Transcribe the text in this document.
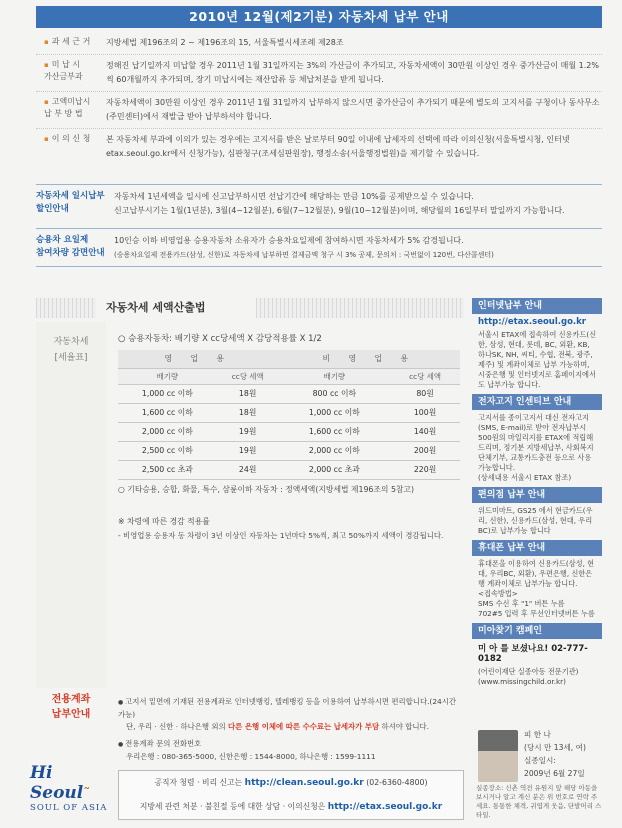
2010년 12월(제2기분) 자동차세 납부 안내
▪ 과 세 근 거	지방세법 제196조의 2 ~ 제196조의 15, 서울특별시세조례 제28조
▪ 미 납 시
가산금부과
정해진 납기일까지 미납할 경우 2011년 1월 31일까지는 3%의 가산금이 추가되고, 자동차세액이 30만원 이상인 경우 중가산금이 매월 1.2%씩 60개월까지 추가되며, 장기 미납시에는 재산압류 등 체납처분을 받게 됩니다.
▪ 고액미납시
납 부 방 법
자동차세액이 30만원 이상인 경우 2011년 1월 31일까지 납부하지 않으시면 중가산금이 추가되기 때문에 별도의 고지서를 구청이나 동사무소(주민센터)에서 재발급 받아 납부하셔야 합니다.
▪ 이 의 신 청	본 자동차세 부과에 이의가 있는 경우에는 고지서를 받은 날로부터 90일 이내에 납세자의 선택에 따라 이의신청(서울특별시청, 인터넷 etax.seoul.go.kr에서 신청가능), 심판청구(조세심판원장), 행정소송(서울행정법원)을 제기할 수 있습니다.
자동차세 일시납부
할인안내
자동차세 1년세액을 일시에 신고납부하시면 선납기간에 해당하는 만큼 10%를 공제받으실 수 있습니다.
신고납부시기는 1월(1년분), 3월(4~12월분), 6월(7~12월분), 9월(10~12월분)이며, 해당월의 16일부터 말일까지 가능합니다.
승용차 요일제
참여차량 감면안내
10인승 이하 비영업용 승용자동차 소유자가 승용차요일제에 참여하시면 자동차세가 5% 감경됩니다.
(승용차요일제 전용카드(삼성, 신한)로 자동차세 납부하면 결제금액 청구 시 3% 공제, 문의처 : 국번없이 120번, 다산콜센터)
자동차세 세액산출법
자동차세
[세율표]
○ 승용자동차: 배기량 X cc당세액 X 감당적용률 X 1/2
영 업 용		비 영 업 용	
배기량	cc당 세액	배기량	cc당 세액
1,000 cc 이하	18원	800 cc 이하	80원
1,600 cc 이하	18원	1,000 cc 이하	100원
2,000 cc 이하	19원	1,600 cc 이하	140원
2,500 cc 이하	19원	2,000 cc 이하	200원
2,500 cc 초과	24원	2,000 cc 초과	220원
○ 기타승용, 승합, 화물, 특수, 삼륜이하 자동차 : 정액세액(지방세법 제196조의 5참고)
※ 차령에 따른 경감 적용률
- 비영업용 승용자 동 차령이 3년 이상인 자동차는 1년마다 5%씩, 최고 50%까지 세액이 경감됩니다.
인터넷납부 안내
http://etax.seoul.go.kr
서울시 ETAX에 접속하여 신용카드(신한, 삼성, 현대, 롯데, BC, 외환, KB, 하나SK, NH, 씨티, 수협, 전북, 광주, 제주) 및 계좌이체로 납부 가능하며, 시중은행 및 인터넷지로 홈페이지에서도 납부가능 합니다.
전자고지 인센티브 안내
고지서를 종이고지서 대신 전자고지(SMS, E-mail)로 받아 전자납부시 500원의 마일리지를 ETAX에 적립해 드리며, 정기분 지방세납부, 사회복지단체기부, 교통카드충전 등으로 사용 가능합니다.
(상세내용 서울시 ETAX 참조)
편의점 납부 안내
위드미마트, GS25 에서 현금카드(우리, 신한), 신용카드(삼성, 현대, 우리BC)로 납부가능 합니다
휴대폰 납부 안내
휴대폰을 이용하여 신용카드(삼성, 현대, 우리BC, 외환), 우편은행, 신한은행 계좌이체로 납부가능 합니다.
<접속방법>
SMS 수신 후 "1" 버튼 누름
702#5 입력 후 무선인터넷버튼 누름
미아찾기 캠페인
미 아 를 보셨나요! 02-777-0182
(어린이재단 실종아동 전문기관)
(www.missingchild.or.kr)
피 한 나
(당시 만 13세, 여)
실종일시:
2009년 6월 27일
실종장소: 신촌 역전 유원지 앞 해당 아동을 보시거나 알고 계신 분은 위 번호로 연락 주세요. 통통한 체격, 귀엽게 웃음, 단발머리 스타일.
전용계좌
납부안내
● 고지서 밑면에 기재된 전용계좌로 인터넷뱅킹, 텔레뱅킹 등을 이용하여 납부하시면 편리합니다.(24시간 가능)
단, 우리 · 신한 · 하나은행 외의 다른 은행 이체에 따른 수수료는 납세자가 부담 하셔야 합니다.
● 전용계좌 문의 전화번호
우리은행 : 080-365-5000, 신한은행 : 1544-8000, 하나은행 : 1599-1111
Hi Seoul˜
SOUL OF ASIA
공직자 청렴 · 비리 신고는 http://clean.seoul.go.kr (02-6360-4800)
지방세 관련 처분 · 불친절 등에 대한 상담 · 이의신청은 http://etax.seoul.go.kr
